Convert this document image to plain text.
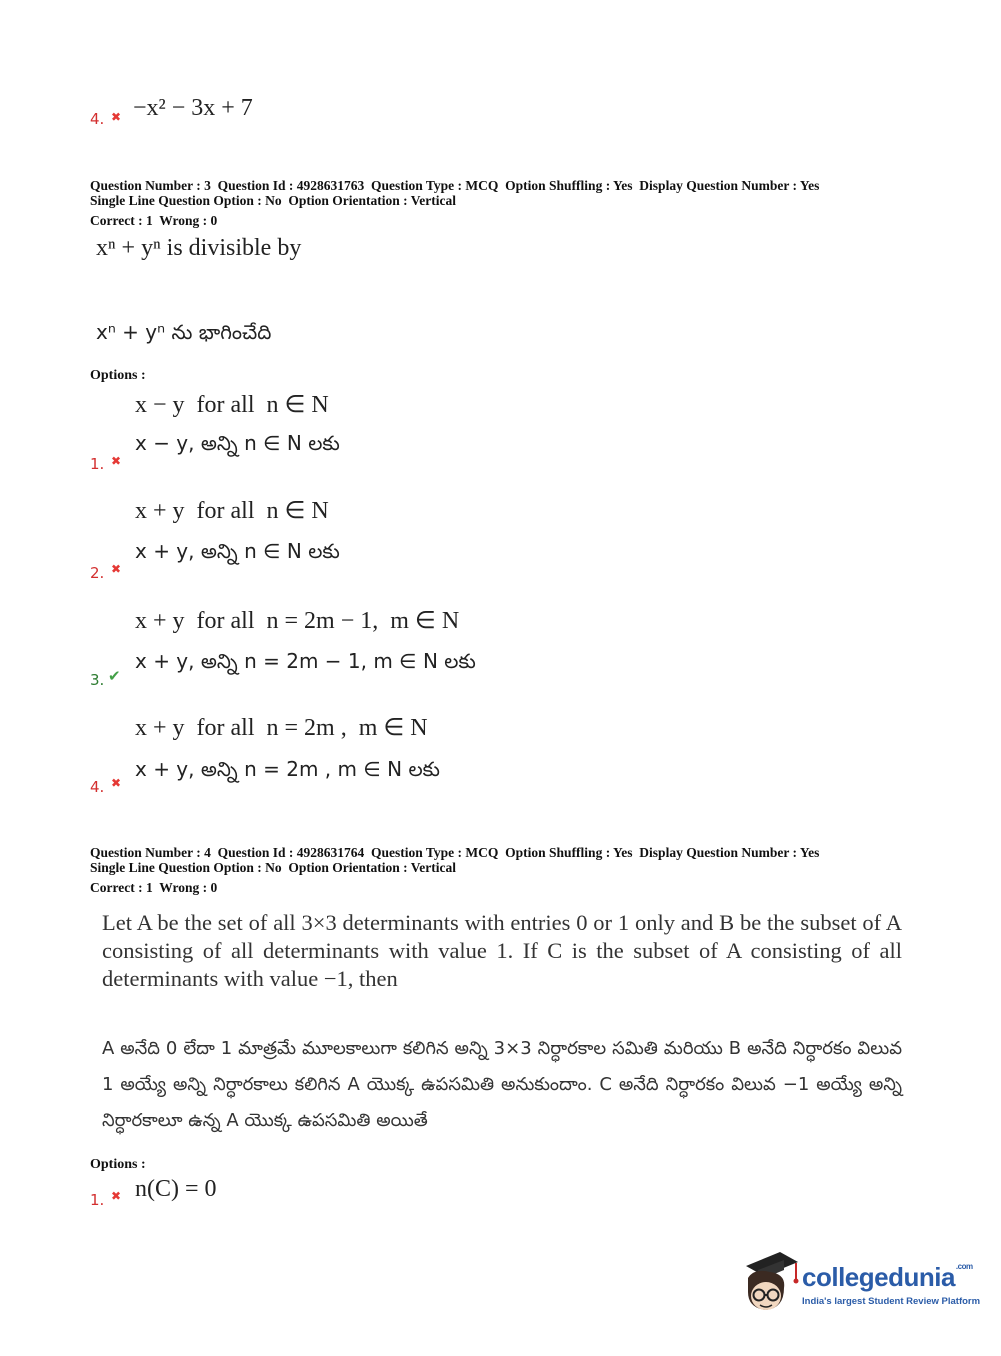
4. ✖ −x² − 3x + 7
Question Number : 3  Question Id : 4928631763  Question Type : MCQ  Option Shuffling : Yes  Display Question Number : Yes
Single Line Question Option : No  Option Orientation : Vertical
Correct : 1  Wrong : 0
xⁿ + yⁿ is divisible by
xⁿ + yⁿ ను భాగించేది
Options :
x − y  for all  n ∈ N
x − y, అన్ని n ∈ N లకు
1. ✖
x + y  for all  n ∈ N
x + y, అన్ని n ∈ N లకు
2. ✖
x + y  for all  n = 2m − 1,  m ∈ N
x + y, అన్ని n = 2m − 1, m ∈ N లకు
3. ✔
x + y  for all  n = 2m ,  m ∈ N
x + y, అన్ని n = 2m , m ∈ N లకు
4. ✖
Question Number : 4  Question Id : 4928631764  Question Type : MCQ  Option Shuffling : Yes  Display Question Number : Yes
Single Line Question Option : No  Option Orientation : Vertical
Correct : 1  Wrong : 0
Let A be the set of all 3×3 determinants with entries 0 or 1 only and B be the subset of A consisting of all determinants with value 1. If C is the subset of A consisting of all determinants with value −1, then
A అనేది 0 లేదా 1 మాత్రమే మూలకాలుగా కలిగిన అన్ని 3×3 నిర్ధారకాల సమితి మరియు B అనేది నిర్ధారకం విలువ 1 అయ్యే అన్ని నిర్ధారకాలు కలిగిన A యొక్క ఉపసమితి అనుకుందాం. C అనేది నిర్ధారకం విలువ −1 అయ్యే అన్ని నిర్ధారకాలూ ఉన్న A యొక్క ఉపసమితి అయితే
Options :
1. ✖ n(C) = 0
collegedunia$^{.com}$
India's largest Student Review Platform
